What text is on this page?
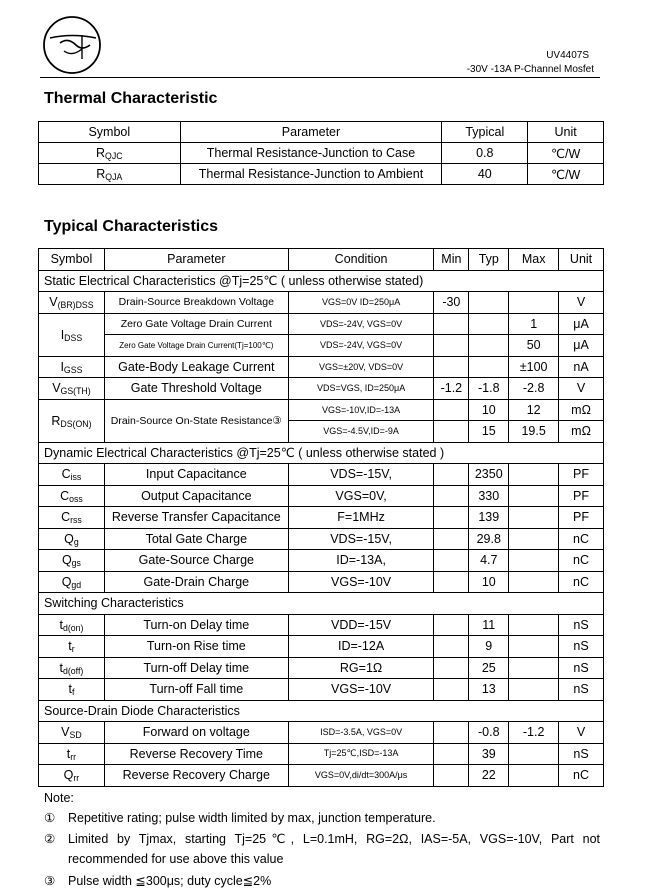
UV4407S
-30V -13A P-Channel Mosfet
Thermal Characteristic
Symbol	Parameter	Typical	Unit
$R_{QJC}$	Thermal Resistance-Junction to Case	0.8	℃/W
$R_{QJA}$	Thermal Resistance-Junction to Ambient	40	℃/W
Typical Characteristics
Symbol	Parameter	Condition	Min	Typ	Max	Unit
Static Electrical Characteristics @Tj=25℃ ( unless otherwise stated)						
$V_{(BR)DSS}$	Drain-Source Breakdown Voltage	VGS=0V ID=250μA	-30			V
$I_{DSS}$	Zero Gate Voltage Drain Current	VDS=-24V, VGS=0V			1	μA
	Zero Gate Voltage Drain Current(Tj=100℃)	VDS=-24V, VGS=0V			50	μA
$I_{GSS}$	Gate-Body Leakage Current	VGS=±20V, VDS=0V			±100	nA
$V_{GS(TH)}$	Gate Threshold Voltage	VDS=VGS, ID=250μA	-1.2	-1.8	-2.8	V
$R_{DS(ON)}$	Drain-Source On-State Resistance③	VGS=-10V,ID=-13A		10	12	mΩ
		VGS=-4.5V,ID=-9A		15	19.5	mΩ
Dynamic Electrical Characteristics @Tj=25℃ ( unless otherwise stated )						
$C_{iss}$	Input Capacitance	VDS=-15V,		2350		PF
$C_{oss}$	Output Capacitance	VGS=0V,		330		PF
$C_{rss}$	Reverse Transfer Capacitance	F=1MHz		139		PF
$Q_g$	Total Gate Charge	VDS=-15V,		29.8		nC
$Q_{gs}$	Gate-Source Charge	ID=-13A,		4.7		nC
$Q_{gd}$	Gate-Drain Charge	VGS=-10V		10		nC
Switching Characteristics						
$t_{d(on)}$	Turn-on Delay time	VDD=-15V		11		nS
$t_r$	Turn-on Rise time	ID=-12A		9		nS
$t_{d(off)}$	Turn-off Delay time	RG=1Ω		25		nS
$t_f$	Turn-off Fall time	VGS=-10V		13		nS
Source-Drain Diode Characteristics						
$V_{SD}$	Forward on voltage	ISD=-3.5A, VGS=0V		-0.8	-1.2	V
$t_{rr}$	Reverse Recovery Time	Tj=25℃,ISD=-13A		39		nS
$Q_{rr}$	Reverse Recovery Charge	VGS=0V,di/dt=300A/μs		22		nC

Note:

① Repetitive rating; pulse width limited by max, junction temperature.

② Limited by Tjmax, starting Tj=25℃, L=0.1mH, RG=2Ω, IAS=-5A, VGS=-10V, Part not

recommended for use above this value

③ Pulse width ≦300μs; duty cycle≦2%
